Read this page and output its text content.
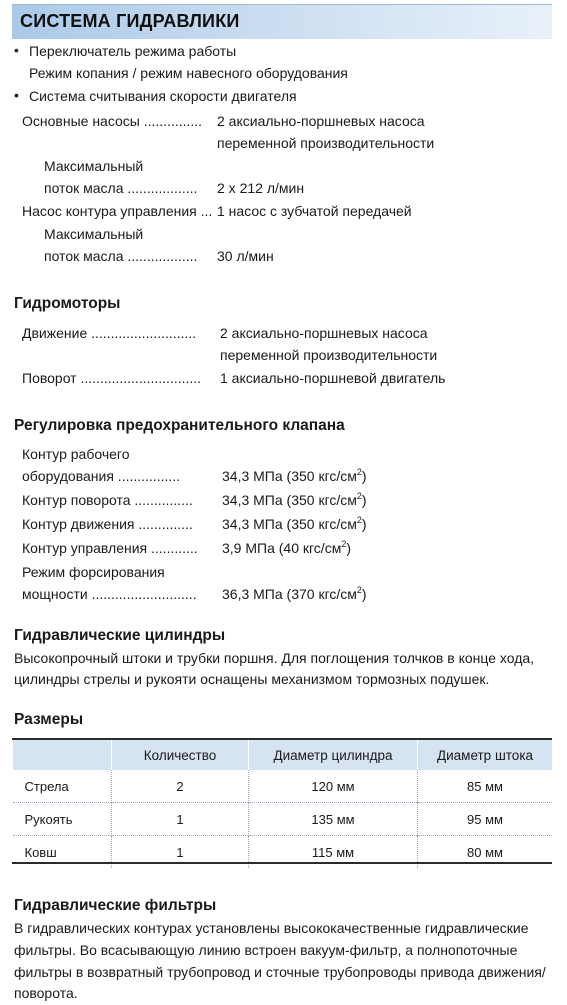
СИСТЕМА ГИДРАВЛИКИ
• Переключатель режима работы
Режим копания / режим навесного оборудования
• Система считывания скорости двигателя
Основные насосы ............... 2 аксиально-поршневых насоса
переменной производительности
Максимальный
поток масла .................. 2 x 212 л/мин
Насос контура управления ... 1 насос с зубчатой передачей
Максимальный
поток масла .................. 30 л/мин
Гидромоторы
Движение ........................... 2 аксиально-поршневых насоса
переменной производительности
Поворот ............................... 1 аксиально-поршневой двигатель
Регулировка предохранительного клапана
Контур рабочего
оборудования ................	34,3 МПа (350 кгс/$см^2$)
Контур поворота ............... 34,3 МПа (350 кгс/$см^2$)
Контур движения .............. 34,3 МПа (350 кгс/$см^2$)
Контур управления ............ 3,9 МПа (40 кгс/$см^2$)
Режим форсирования
мощности ........................... 36,3 МПа (370 кгс/$см^2$)
Гидравлические цилиндры
Высокопрочный штоки и трубки поршня. Для поглощения толчков в конце хода,
цилиндры стрелы и рукояти оснащены механизмом тормозных подушек.
Размеры
	Количество	Диаметр цилиндра	Диаметр штока
Стрела	2	120 мм	85 мм
Рукоять	1	135 мм	95 мм
Ковш	1	115 мм	80 мм
Гидравлические фильтры
В гидравлических контурах установлены высококачественные гидравлические
фильтры. Во всасывающую линию встроен вакуум-фильтр, а полнопоточные
фильтры в возвратный трубопровод и сточные трубопроводы привода движения/
поворота.
